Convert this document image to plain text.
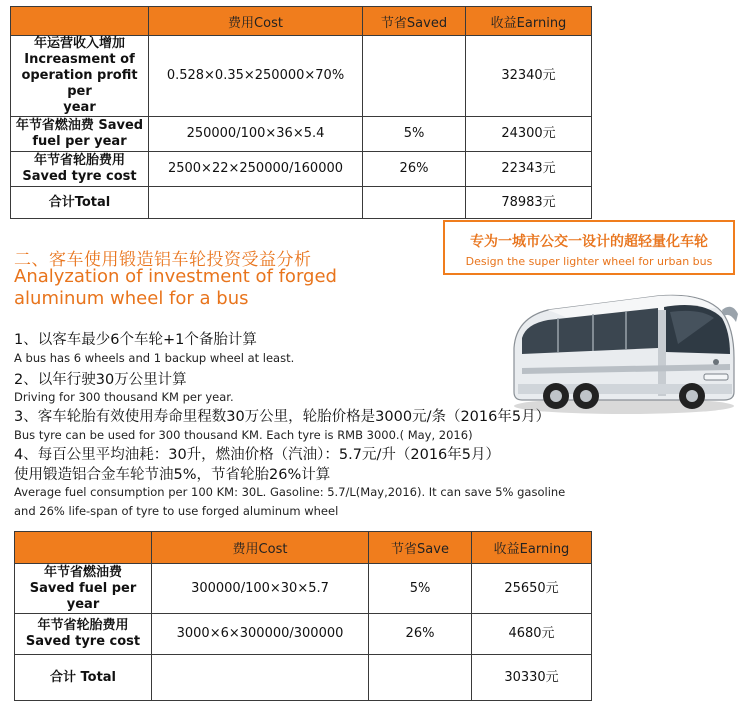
	费用Cost	节省Saved	收益Earning

年运营收入增加
Increasment of
operation profit per
year	0.528×0.35×250000×70%		32340元

年节省燃油费 Saved
fuel per year	250000/100×36×5.4	5%	24300元

年节省轮胎费用
Saved tyre cost	2500×22×250000/160000	26%	22343元
合计Total			78983元
二、客车使用锻造铝车轮投资受益分析
Analyzation of investment of forged aluminum wheel for a bus
专为一城市公交一设计的超轻量化车轮
Design the super lighter wheel for urban bus
1、以客车最少6个车轮+1个备胎计算
A bus has 6 wheels and 1 backup wheel at least.
2、以年行驶30万公里计算
Driving for 300 thousand KM per year.
3、客车轮胎有效使用寿命里程数30万公里，轮胎价格是3000元/条（2016年5月）
Bus tyre can be used for 300 thousand KM. Each tyre is RMB 3000.( May, 2016)
4、每百公里平均油耗：30升，燃油价格（汽油）：5.7元/升（2016年5月）
使用锻造铝合金车轮节油5%，节省轮胎26%计算
Average fuel consumption per 100 KM: 30L. Gasoline: 5.7/L(May,2016). It can save 5% gasoline
and 26% life-span of tyre to use forged aluminum wheel
	费用Cost	节省Save	收益Earning

年节省燃油费
Saved fuel per year	300000/100×30×5.7	5%	25650元

年节省轮胎费用
Saved tyre cost	3000×6×300000/300000	26%	4680元
合计 Total			30330元
